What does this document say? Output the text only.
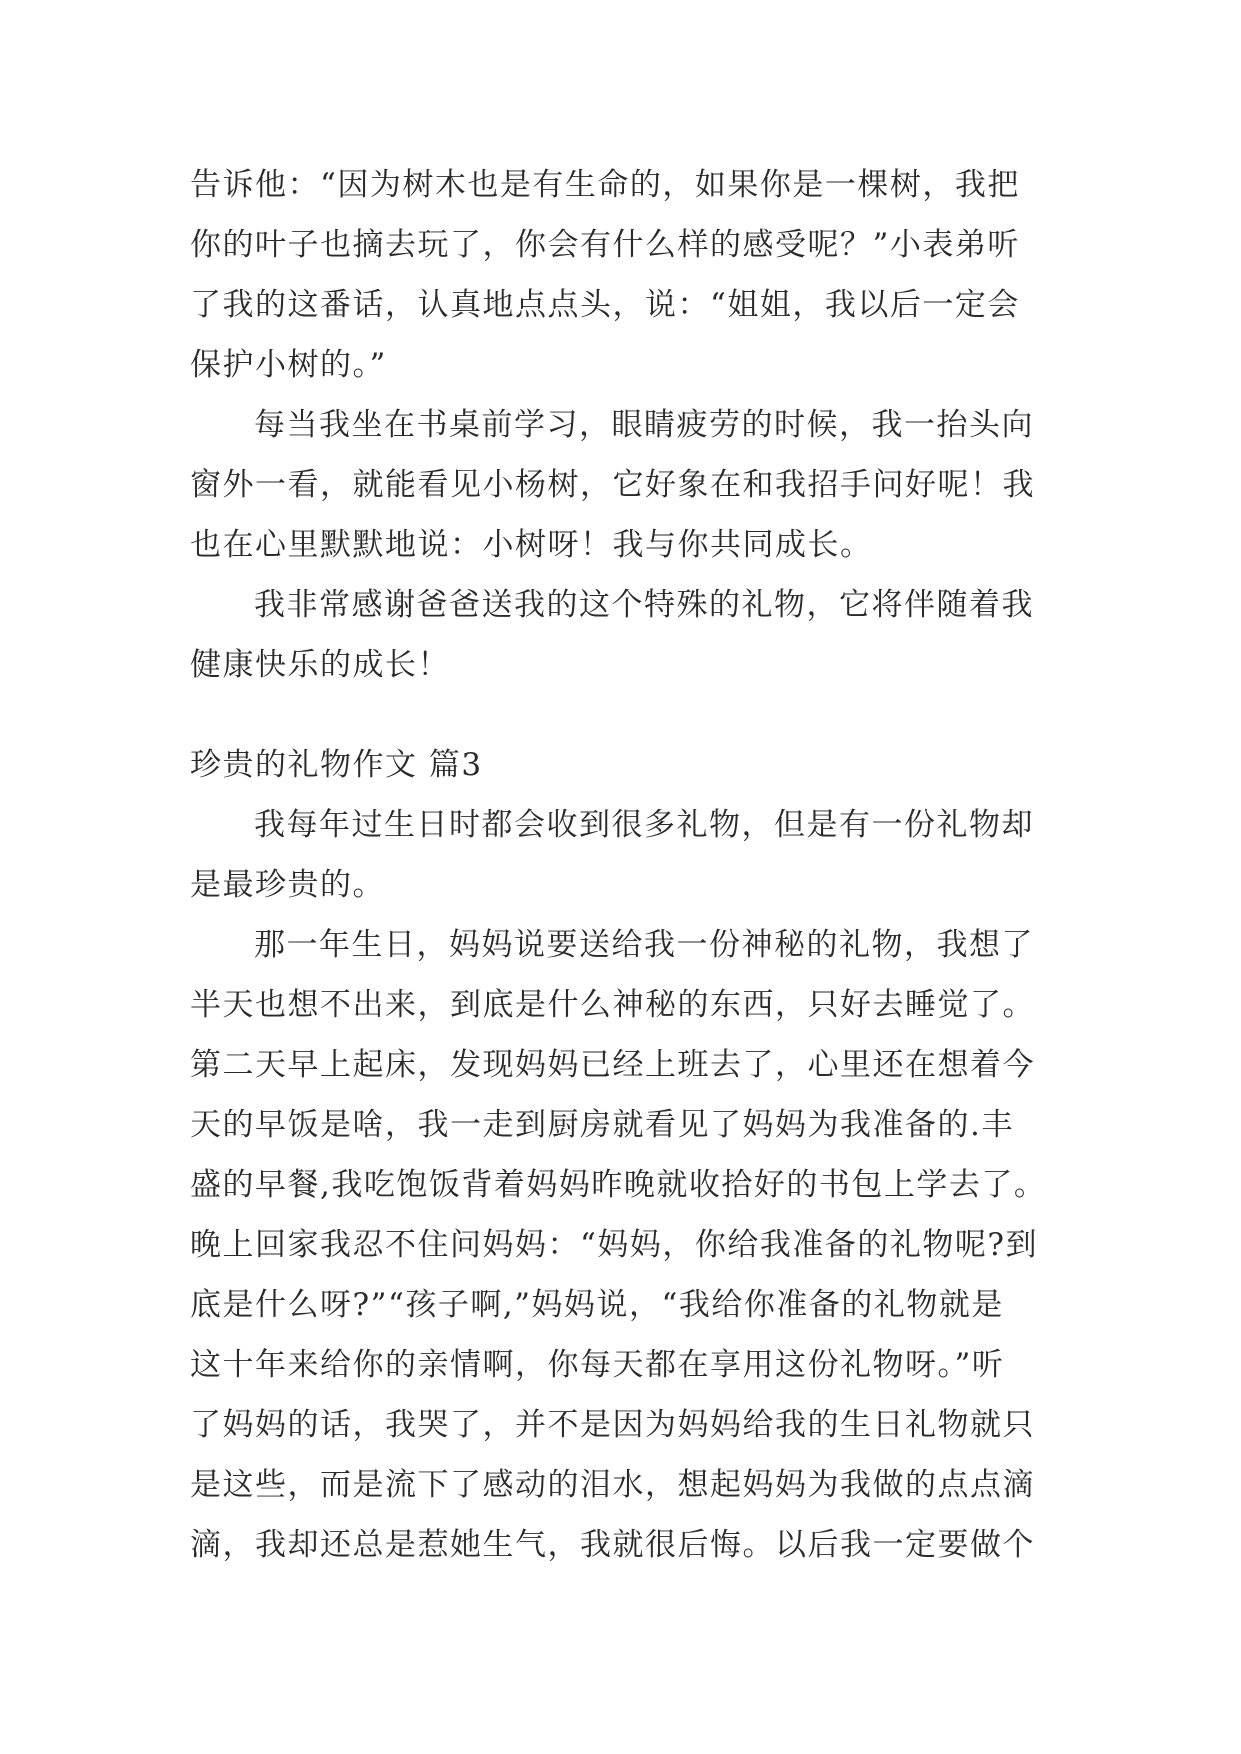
告诉他：“因为树木也是有生命的，如果你是一棵树，我把
你的叶子也摘去玩了，你会有什么样的感受呢？”小表弟听
了我的这番话，认真地点点头，说：“姐姐，我以后一定会
保护小树的。”
每当我坐在书桌前学习，眼睛疲劳的时候，我一抬头向
窗外一看，就能看见小杨树，它好象在和我招手问好呢！我
也在心里默默地说：小树呀！我与你共同成长。
我非常感谢爸爸送我的这个特殊的礼物，它将伴随着我
健康快乐的成长！
珍贵的礼物作文 篇3
我每年过生日时都会收到很多礼物，但是有一份礼物却
是最珍贵的。
那一年生日，妈妈说要送给我一份神秘的礼物，我想了
半天也想不出来，到底是什么神秘的东西，只好去睡觉了。
第二天早上起床，发现妈妈已经上班去了，心里还在想着今
天的早饭是啥，我一走到厨房就看见了妈妈为我准备的.丰
盛的早餐,我吃饱饭背着妈妈昨晚就收拾好的书包上学去了。
晚上回家我忍不住问妈妈：“妈妈，你给我准备的礼物呢?到
底是什么呀?”“孩子啊,”妈妈说，“我给你准备的礼物就是
这十年来给你的亲情啊，你每天都在享用这份礼物呀。”听
了妈妈的话，我哭了，并不是因为妈妈给我的生日礼物就只
是这些，而是流下了感动的泪水，想起妈妈为我做的点点滴
滴，我却还总是惹她生气，我就很后悔。以后我一定要做个
